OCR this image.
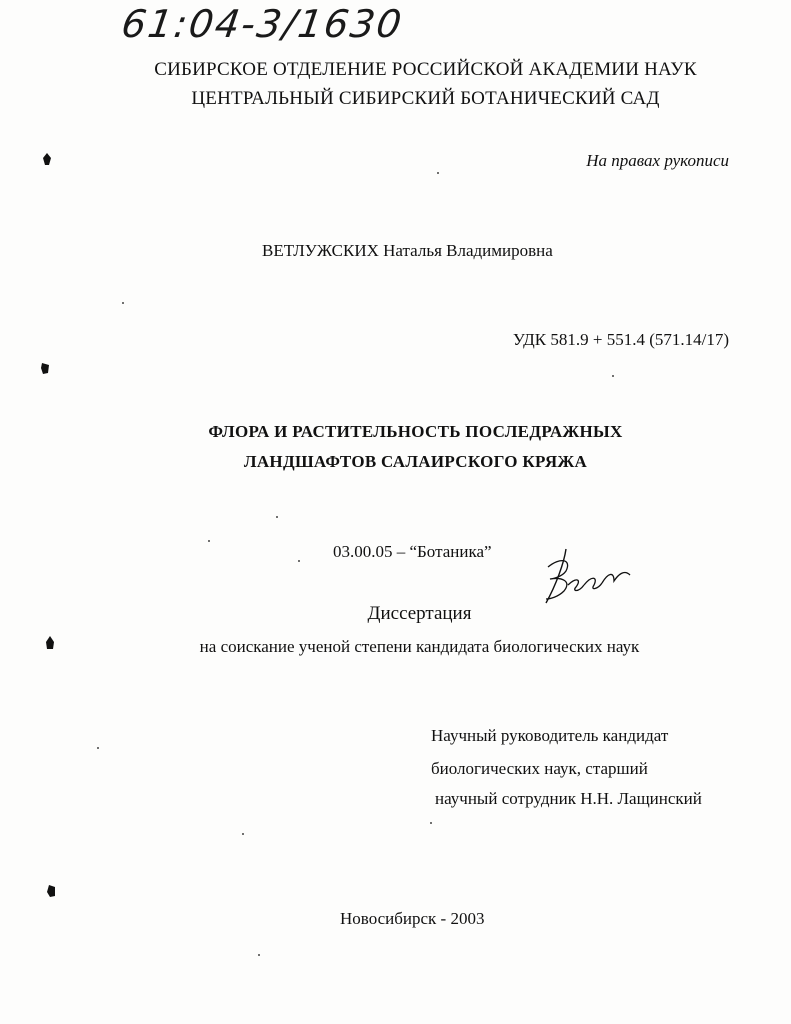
61:04-3/1630
СИБИРСКОЕ ОТДЕЛЕНИЕ РОССИЙСКОЙ АКАДЕМИИ НАУК
ЦЕНТРАЛЬНЫЙ СИБИРСКИЙ БОТАНИЧЕСКИЙ САД
На правах рукописи
ВЕТЛУЖСКИХ Наталья Владимировна
УДК 581.9 + 551.4 (571.14/17)
ФЛОРА И РАСТИТЕЛЬНОСТЬ ПОСЛЕДРАЖНЫХ
ЛАНДШАФТОВ САЛАИРСКОГО КРЯЖА
03.00.05 – “Ботаника”
Диссертация
на соискание ученой степени кандидата биологических наук
Научный руководитель кандидат
биологических наук, старший
научный сотрудник Н.Н. Лащинский
Новосибирск - 2003
